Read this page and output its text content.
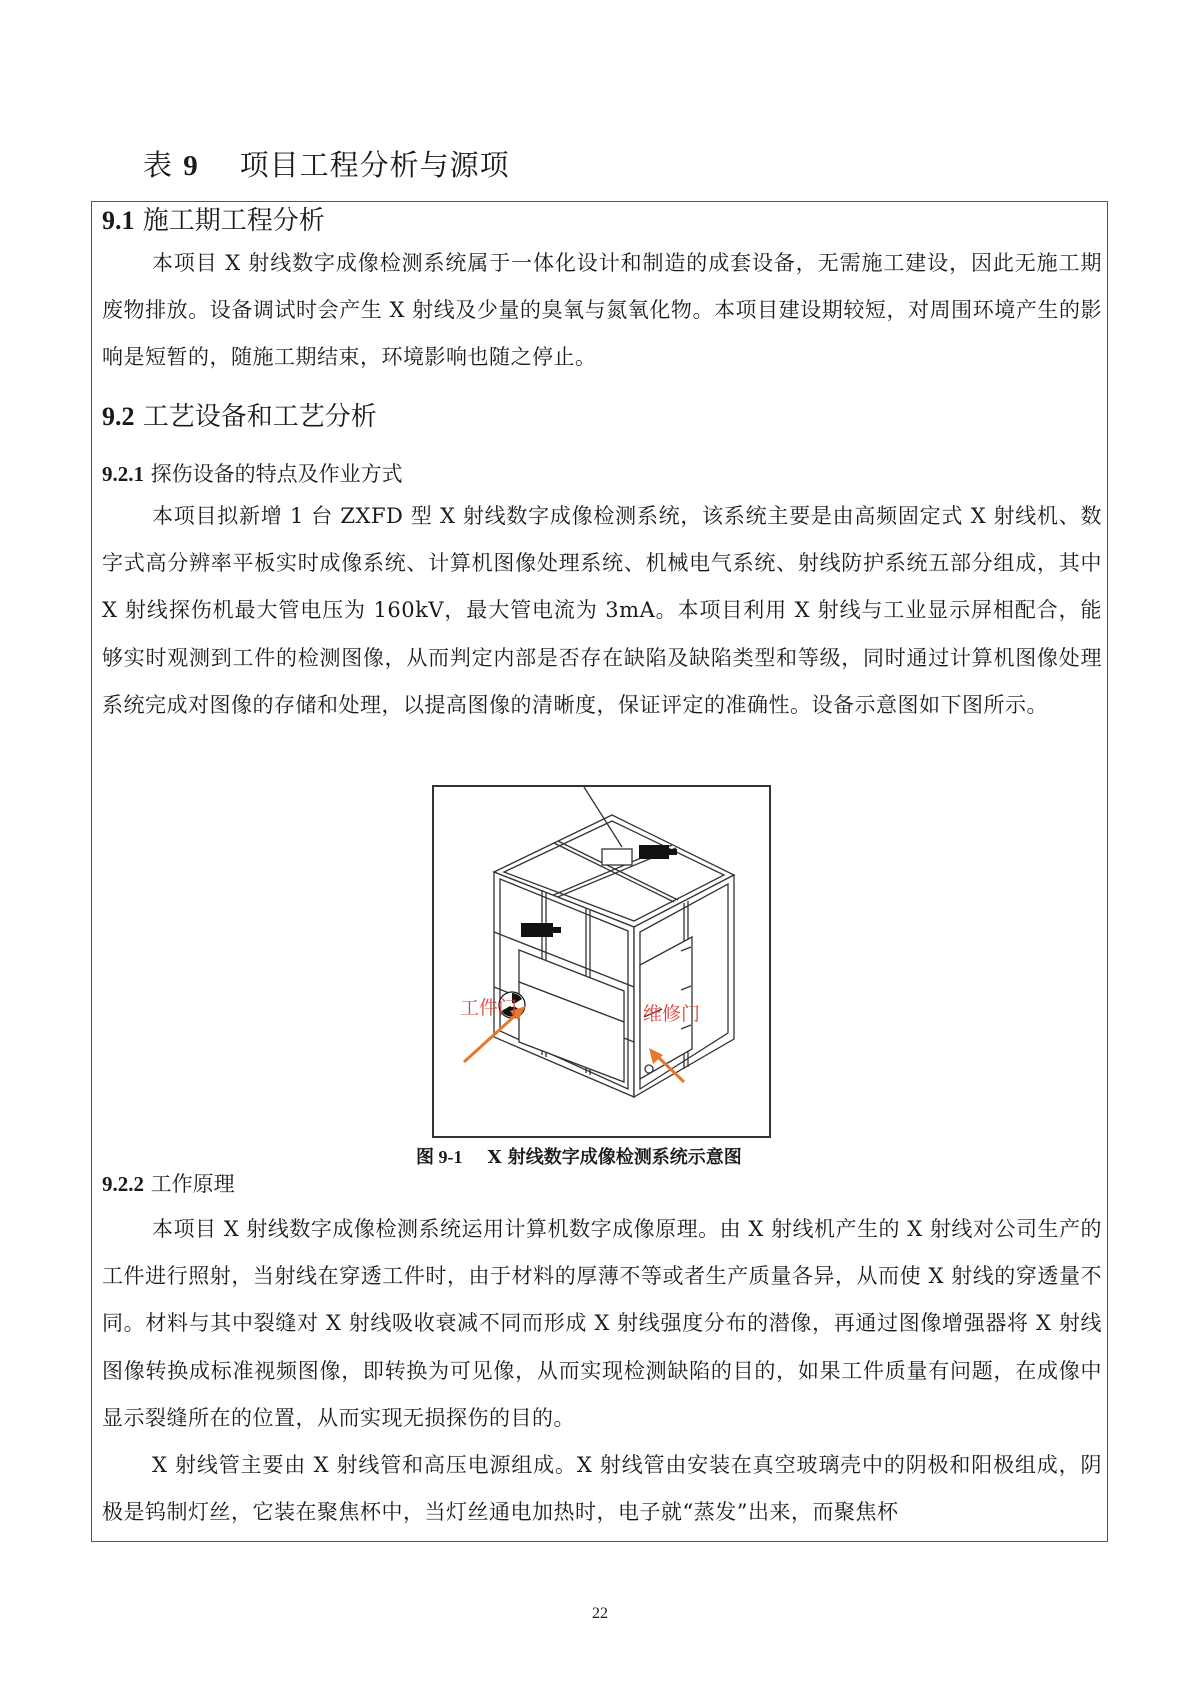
表 9    项目工程分析与源项
9.1 施工期工程分析

本项目 X 射线数字成像检测系统属于一体化设计和制造的成套设备，无需施工建设，因此无施工期废物排放。设备调试时会产生 X 射线及少量的臭氧与氮氧化物。本项目建设期较短，对周围环境产生的影响是短暂的，随施工期结束，环境影响也随之停止。

9.2 工艺设备和工艺分析
9.2.1 探伤设备的特点及作业方式

本项目拟新增 1 台 ZXFD 型 X 射线数字成像检测系统，该系统主要是由高频固定式 X 射线机、数字式高分辨率平板实时成像系统、计算机图像处理系统、机械电气系统、射线防护系统五部分组成，其中 X 射线探伤机最大管电压为 160kV，最大管电流为 3mA。本项目利用 X 射线与工业显示屏相配合，能够实时观测到工件的检测图像，从而判定内部是否存在缺陷及缺陷类型和等级，同时通过计算机图像处理系统完成对图像的存储和处理，以提高图像的清晰度，保证评定的准确性。设备示意图如下图所示。

工件门	维修门
图 9-1    X 射线数字成像检测系统示意图
9.2.2 工作原理

本项目 X 射线数字成像检测系统运用计算机数字成像原理。由 X 射线机产生的 X 射线对公司生产的工件进行照射，当射线在穿透工件时，由于材料的厚薄不等或者生产质量各异，从而使 X 射线的穿透量不同。材料与其中裂缝对 X 射线吸收衰减不同而形成 X 射线强度分布的潜像，再通过图像增强器将 X 射线图像转换成标准视频图像，即转换为可见像，从而实现检测缺陷的目的，如果工件质量有问题，在成像中显示裂缝所在的位置，从而实现无损探伤的目的。

X 射线管主要由 X 射线管和高压电源组成。X 射线管由安装在真空玻璃壳中的阴极和阳极组成，阴极是钨制灯丝，它装在聚焦杯中，当灯丝通电加热时，电子就“蒸发”出来，而聚焦杯

22
